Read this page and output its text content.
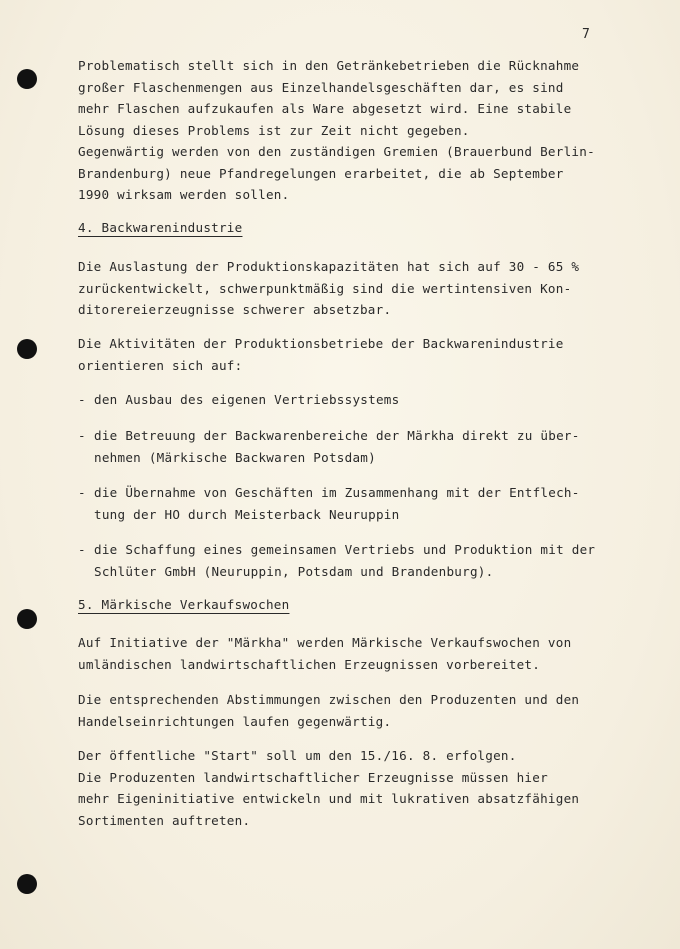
7
Problematisch stellt sich in den Getränkebetrieben die Rücknahme
großer Flaschenmengen aus Einzelhandelsgeschäften dar, es sind
mehr Flaschen aufzukaufen als Ware abgesetzt wird. Eine stabile
Lösung dieses Problems ist zur Zeit nicht gegeben.
Gegenwärtig werden von den zuständigen Gremien (Brauerbund Berlin-
Brandenburg) neue Pfandregelungen erarbeitet, die ab September
1990 wirksam werden sollen.
4. Backwarenindustrie
Die Auslastung der Produktionskapazitäten hat sich auf 30 - 65 %
zurückentwickelt, schwerpunktmäßig sind die wertintensiven Kon-
ditorereierzeugnisse schwerer absetzbar.
Die Aktivitäten der Produktionsbetriebe der Backwarenindustrie
orientieren sich auf:
- den Ausbau des eigenen Vertriebssystems
- die Betreuung der Backwarenbereiche der Märkha direkt zu über-
nehmen (Märkische Backwaren Potsdam)
- die Übernahme von Geschäften im Zusammenhang mit der Entflech-
tung der HO durch Meisterback Neuruppin
- die Schaffung eines gemeinsamen Vertriebs und Produktion mit der
Schlüter GmbH (Neuruppin, Potsdam und Brandenburg).
5. Märkische Verkaufswochen
Auf Initiative der "Märkha" werden Märkische Verkaufswochen von
umländischen landwirtschaftlichen Erzeugnissen vorbereitet.
Die entsprechenden Abstimmungen zwischen den Produzenten und den
Handelseinrichtungen laufen gegenwärtig.
Der öffentliche "Start" soll um den 15./16. 8. erfolgen.
Die Produzenten landwirtschaftlicher Erzeugnisse müssen hier
mehr Eigeninitiative entwickeln und mit lukrativen absatzfähigen
Sortimenten auftreten.
